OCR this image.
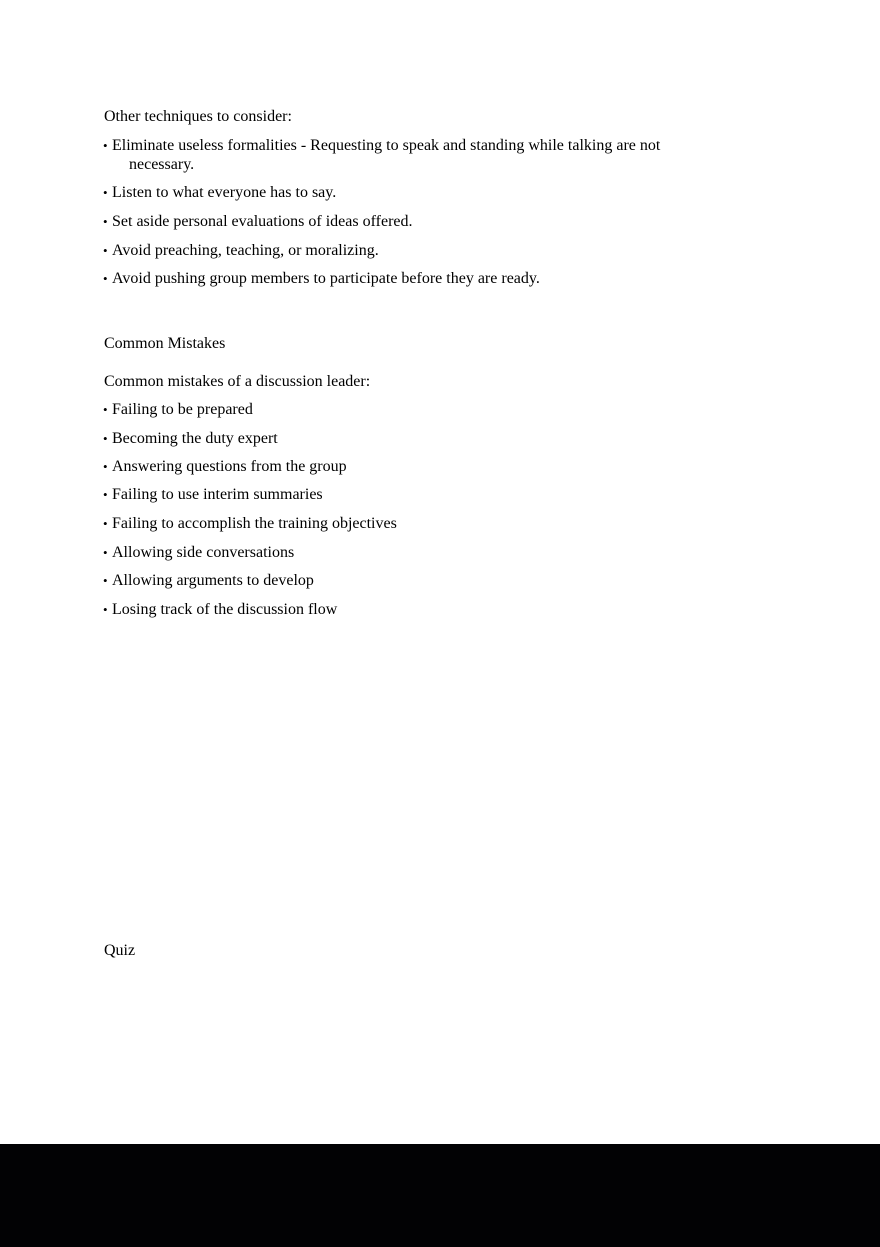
Other techniques to consider:
• Eliminate useless formalities - Requesting to speak and standing while talking are not
necessary.
• Listen to what everyone has to say.
• Set aside personal evaluations of ideas offered.
• Avoid preaching, teaching, or moralizing.
• Avoid pushing group members to participate before they are ready.
Common Mistakes
Common mistakes of a discussion leader:
• Failing to be prepared
• Becoming the duty expert
• Answering questions from the group
• Failing to use interim summaries
• Failing to accomplish the training objectives
• Allowing side conversations
• Allowing arguments to develop
• Losing track of the discussion flow
Quiz
